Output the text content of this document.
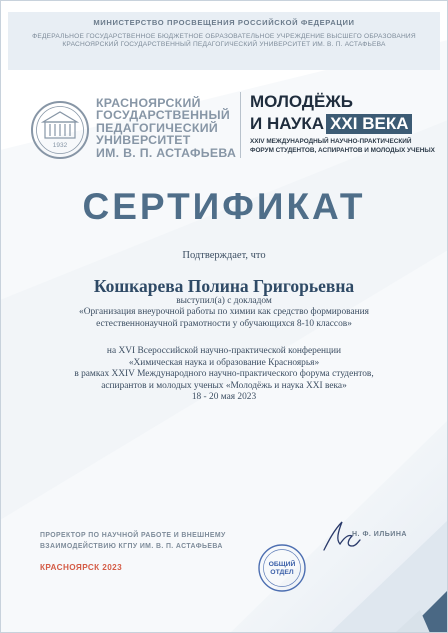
МИНИСТЕРСТВО ПРОСВЕЩЕНИЯ РОССИЙСКОЙ ФЕДЕРАЦИИ
ФЕДЕРАЛЬНОЕ ГОСУДАРСТВЕННОЕ БЮДЖЕТНОЕ ОБРАЗОВАТЕЛЬНОЕ УЧРЕЖДЕНИЕ ВЫСШЕГО ОБРАЗОВАНИЯ
КРАСНОЯРСКИЙ ГОСУДАРСТВЕННЫЙ ПЕДАГОГИЧЕСКИЙ УНИВЕРСИТЕТ ИМ. В. П. АСТАФЬЕВА
1932
КРАСНОЯРСКИЙ
ГОСУДАРСТВЕННЫЙ
ПЕДАГОГИЧЕСКИЙ
УНИВЕРСИТЕТ
ИМ. В. П. АСТАФЬЕВА
МОЛОДЁЖЬ
И НАУКА XXI ВЕКА
XXIV МЕЖДУНАРОДНЫЙ НАУЧНО-ПРАКТИЧЕСКИЙ
ФОРУМ СТУДЕНТОВ, АСПИРАНТОВ И МОЛОДЫХ УЧЕНЫХ
СЕРТИФИКАТ
Подтверждает, что
Кошкарева Полина Григорьевна
выступил(а) с докладом
«Организация внеурочной работы по химии как средство формирования
естественнонаучной грамотности у обучающихся 8-10 классов»
на XVI Всероссийской научно-практической конференции
«Химическая наука и образование Красноярья»
в рамках XXIV Международного научно-практического форума студентов,
аспирантов и молодых ученых «Молодёжь и наука XXI века»
18 - 20 мая 2023
ПРОРЕКТОР ПО НАУЧНОЙ РАБОТЕ И ВНЕШНЕМУ
ВЗАИМОДЕЙСТВИЮ КГПУ ИМ. В. П. АСТАФЬЕВА
Н. Ф. ИЛЬИНА
ОБЩИЙ
ОТДЕЛ
КРАСНОЯРСК 2023
